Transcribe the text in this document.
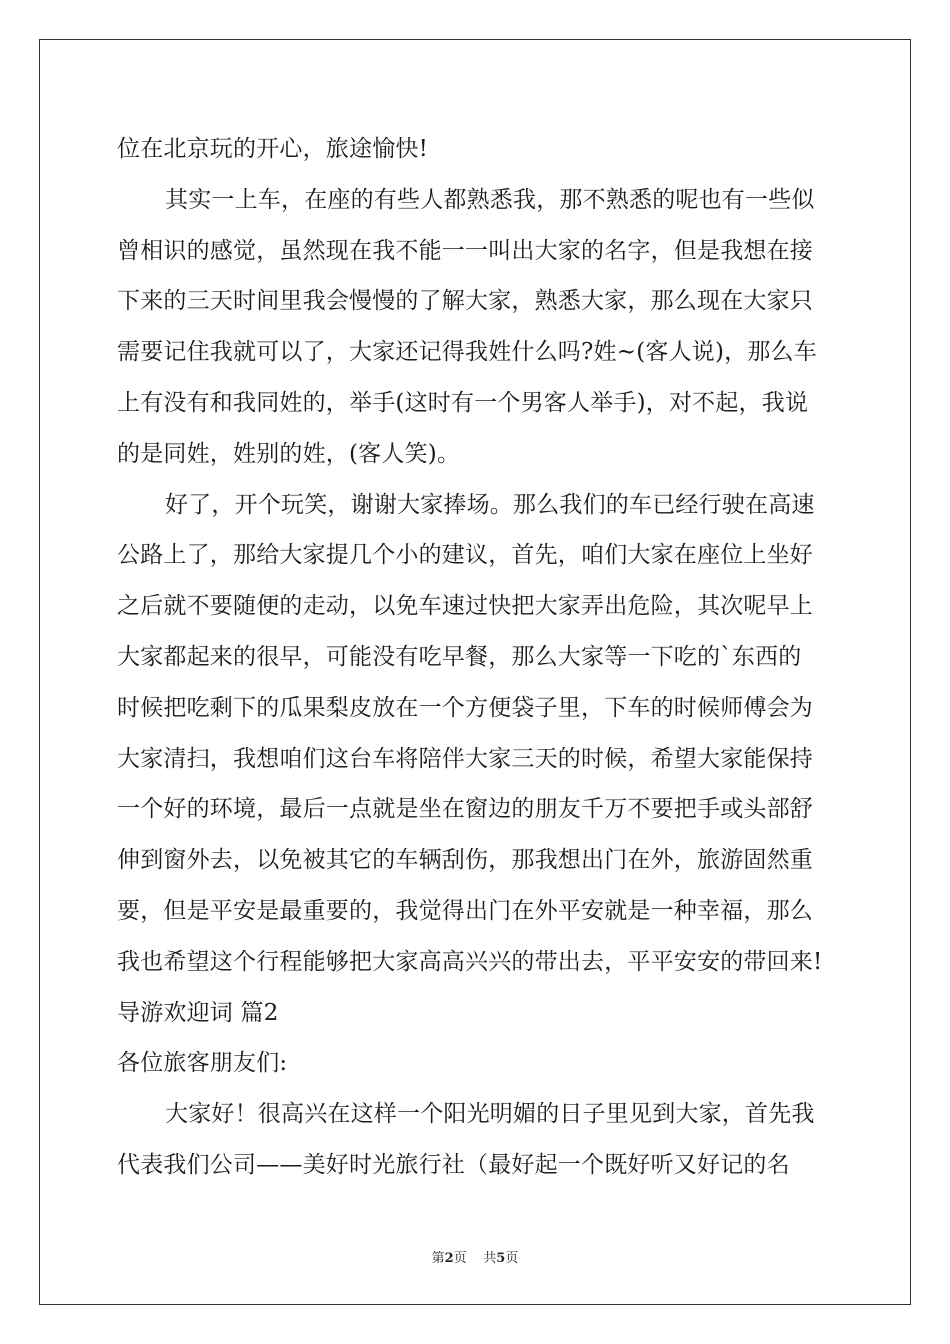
位在北京玩的开心，旅途愉快!
其实一上车，在座的有些人都熟悉我，那不熟悉的呢也有一些似
曾相识的感觉，虽然现在我不能一一叫出大家的名字，但是我想在接
下来的三天时间里我会慢慢的了解大家，熟悉大家，那么现在大家只
需要记住我就可以了，大家还记得我姓什么吗?姓~(客人说)，那么车
上有没有和我同姓的，举手(这时有一个男客人举手)，对不起，我说
的是同姓，姓别的姓，(客人笑)。
好了，开个玩笑，谢谢大家捧场。那么我们的车已经行驶在高速
公路上了，那给大家提几个小的建议，首先，咱们大家在座位上坐好
之后就不要随便的走动，以免车速过快把大家弄出危险，其次呢早上
大家都起来的很早，可能没有吃早餐，那么大家等一下吃的`东西的
时候把吃剩下的瓜果梨皮放在一个方便袋子里，下车的时候师傅会为
大家清扫，我想咱们这台车将陪伴大家三天的时候，希望大家能保持
一个好的环境，最后一点就是坐在窗边的朋友千万不要把手或头部舒
伸到窗外去，以免被其它的车辆刮伤，那我想出门在外，旅游固然重
要，但是平安是最重要的，我觉得出门在外平安就是一种幸福，那么
我也希望这个行程能够把大家高高兴兴的带出去，平平安安的带回来!
导游欢迎词 篇2
各位旅客朋友们:
大家好！很高兴在这样一个阳光明媚的日子里见到大家，首先我
代表我们公司——美好时光旅行社（最好起一个既好听又好记的名
第2页 共5页
